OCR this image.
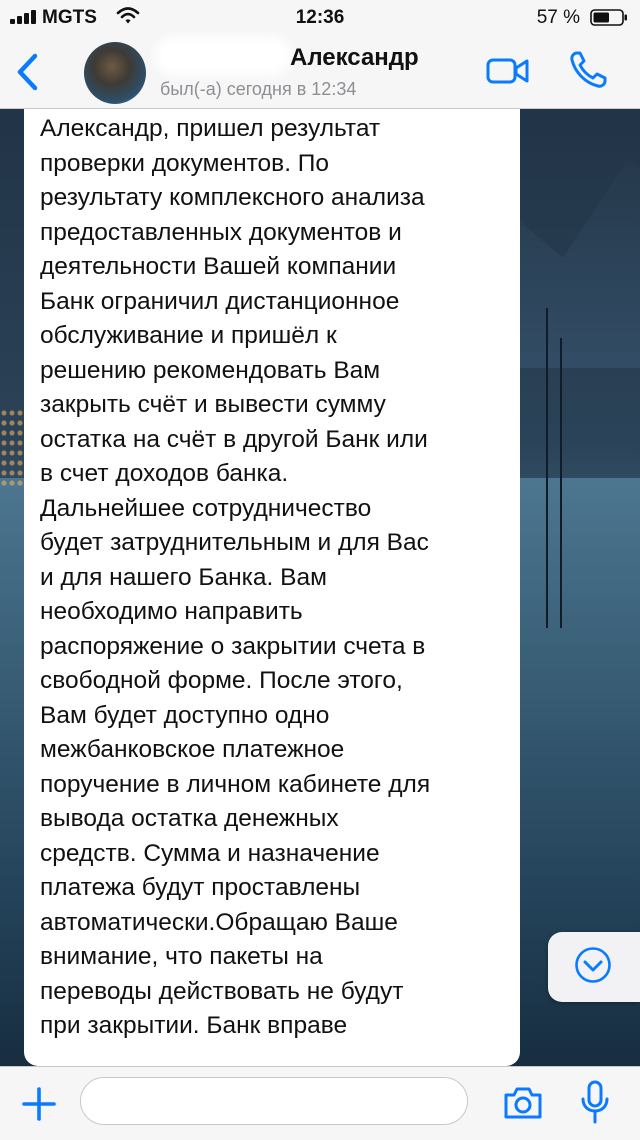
Александр, пришел результат
проверки документов. По
результату комплексного анализа
предоставленных документов и
деятельности Вашей компании
Банк ограничил дистанционное
обслуживание и пришёл к
решению рекомендовать Вам
закрыть счёт и вывести сумму
остатка на счёт в другой Банк или
в счет доходов банка.
Дальнейшее сотрудничество
будет затруднительным и для Вас
и для нашего Банка. Вам
необходимо направить
распоряжение о закрытии счета в
свободной форме. После этого,
Вам будет доступно одно
межбанковское платежное
поручение в личном кабинете для
вывода остатка денежных
средств. Сумма и назначение
платежа будут проставлены
автоматически.Обращаю Ваше
внимание, что пакеты на
переводы действовать не будут
при закрытии. Банк вправе

MGTS	12:36	57 %
Александр
был(-а) сегодня в 12:34
